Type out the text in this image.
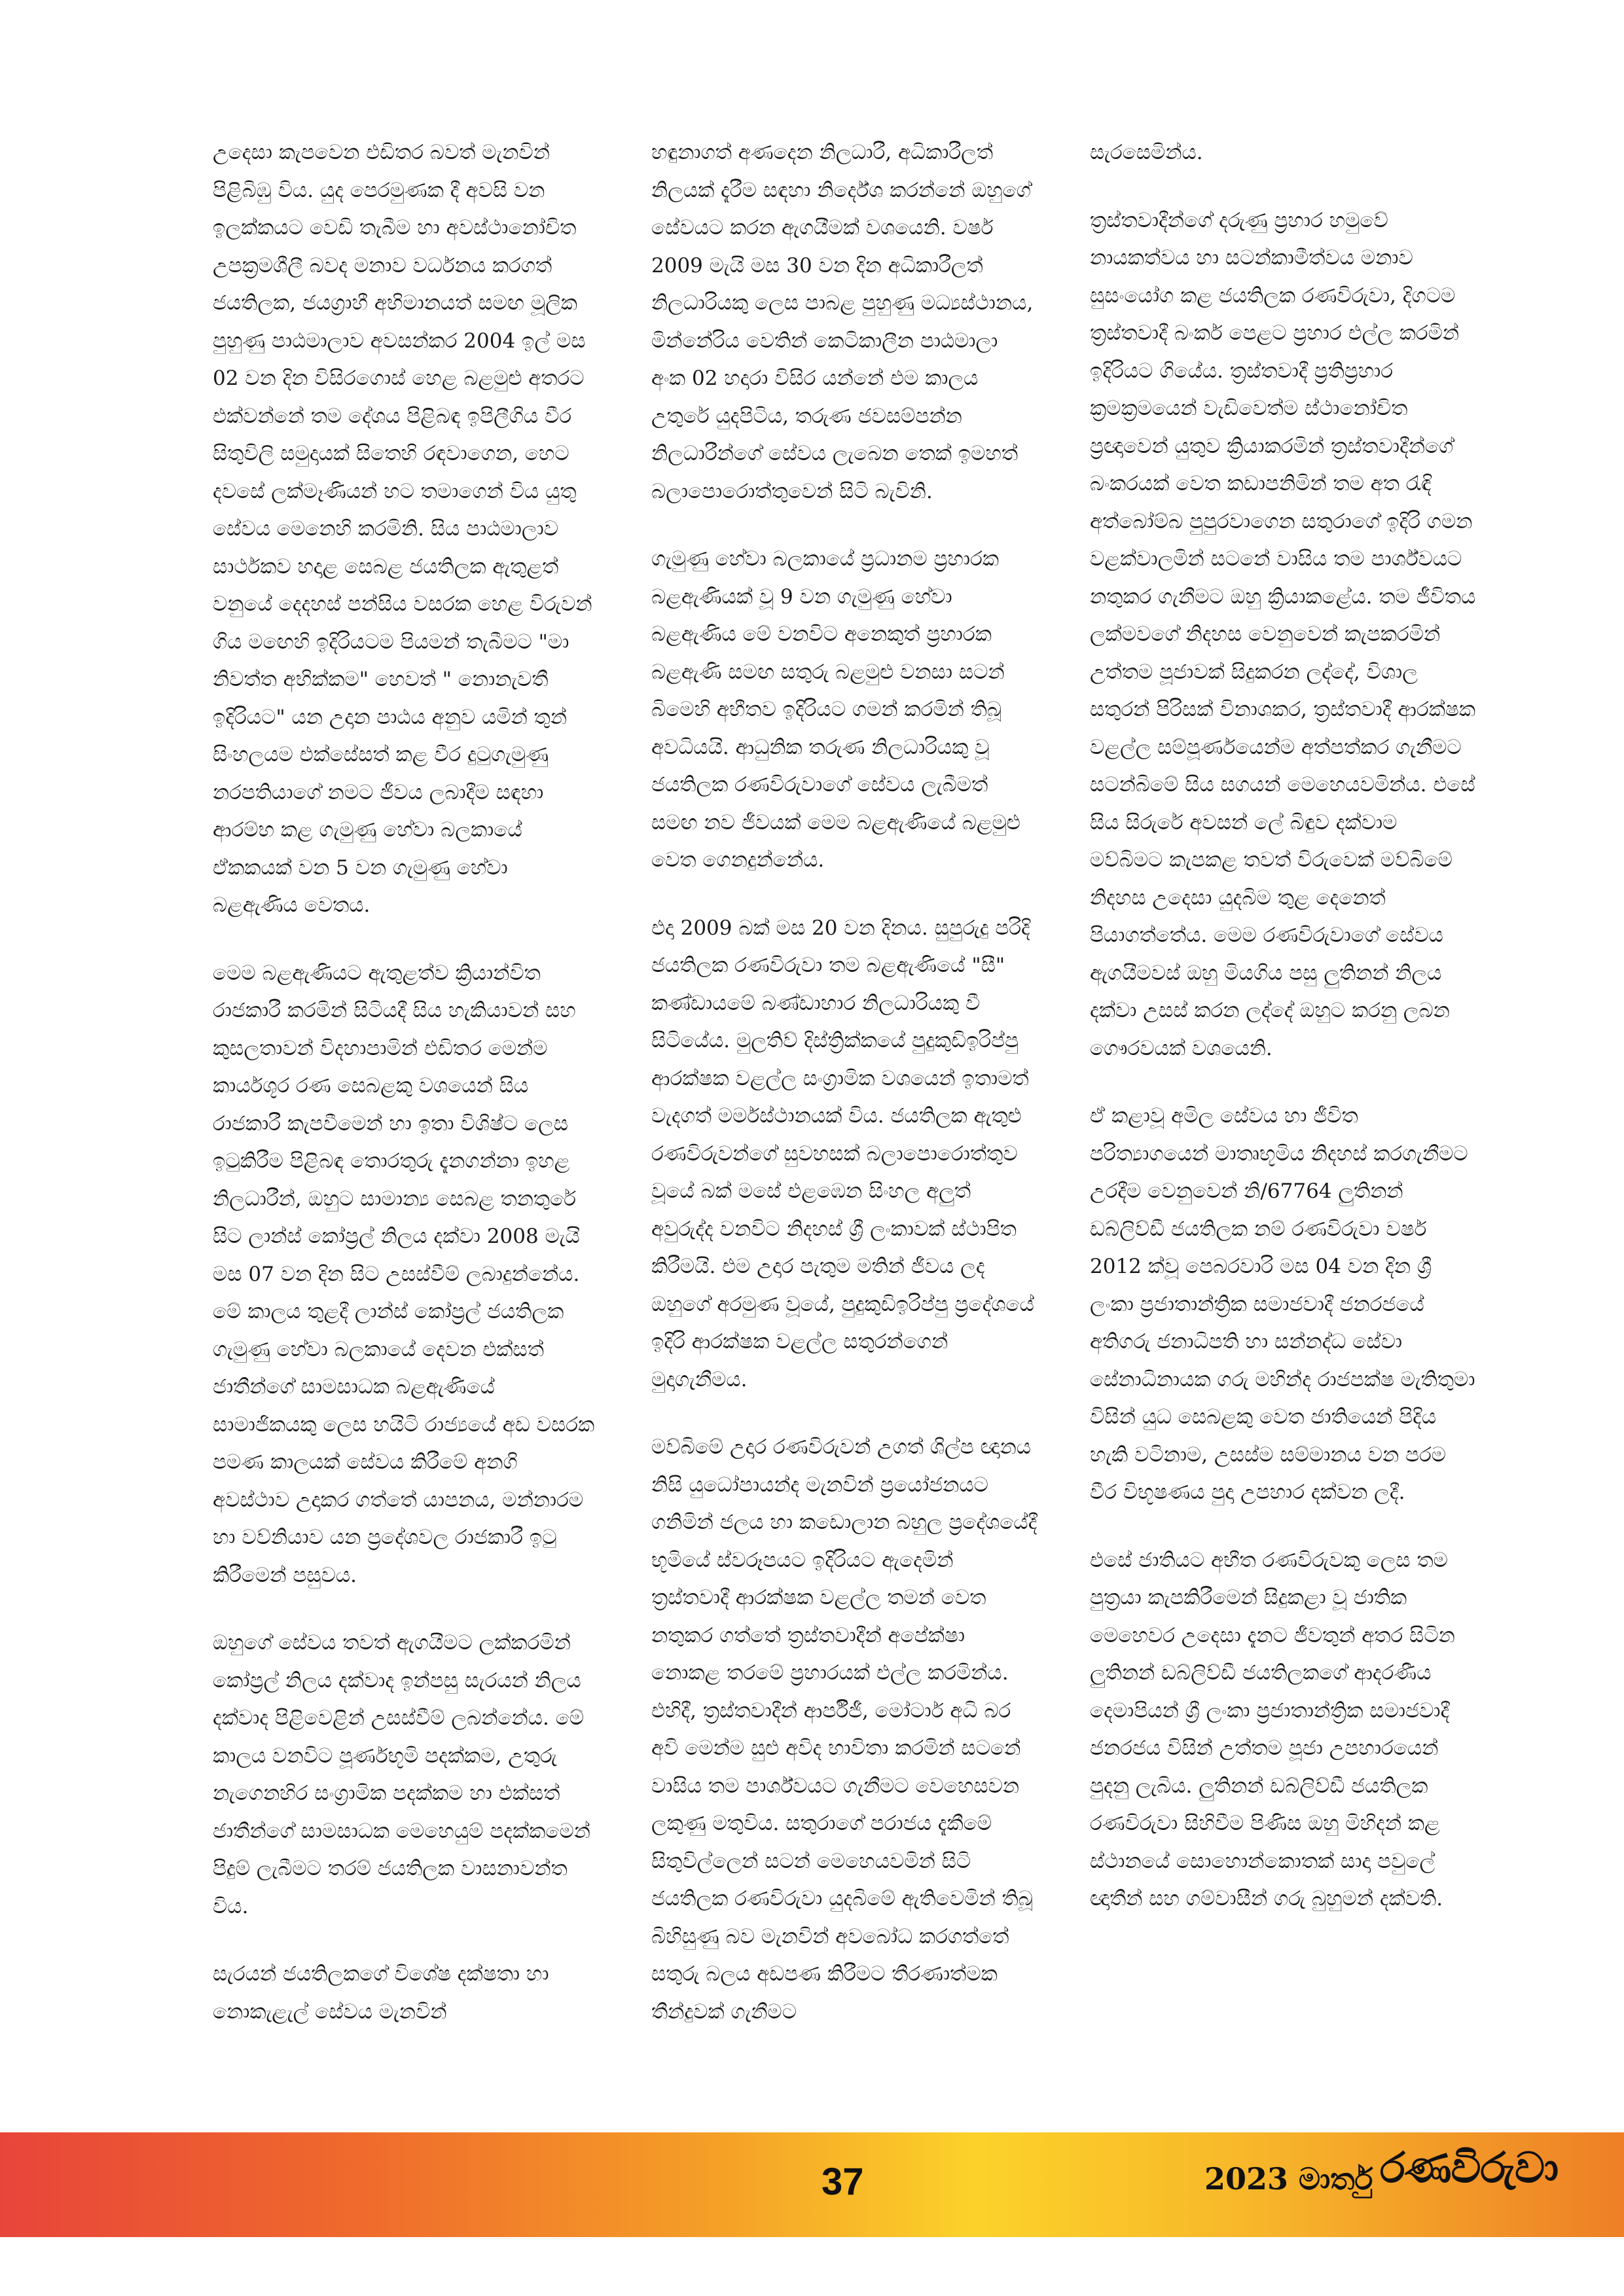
උදෙසා කැපවෙන එඩිතර බවත් මැනවින් පිළිබිඹු විය. යුද පෙරමුණක දී අවසි වන ඉලක්කයට වෙඩි තැබීම හා අවස්ථානෝචිත උපක්‍රමශීලී බවද මනාව වර්ධනය කරගත් ජයතිලක, ජයග්‍රාහී අභිමානයත් සමඟ මූලික පුහුණු පාඨමාලාව අවසන්කර 2004 ඉල් මස 02 වන දින විසිරගොස් හෙළ බළමුළු අතරට එක්වන්නේ තම දේශය පිළිබඳ ඉපිලීගිය වීර සිතුවිලි සමුදායක් සිතෙහි රඳවාගෙන, හෙට දවසේ ලක්මෑණියන් හට තමාගෙන් විය යුතු සේවය මෙනෙහි කරමිනි. සිය පාඨමාලාව සාර්ථකව හදාළ සෙබළ ජයතිලක ඇතුළත් වනුයේ දෙදහස් පන්සිය වසරක හෙළ විරුවන් ගිය මඟෙහි ඉදිරියටම පියමන් තැබීමට "මා නිවත්ත අභික්කම" හෙවත් " නොනැවතී ඉදිරියට" යන උදාන පාඨය අනුව යමින් තුන් සිංහලයම එක්සේසත් කළ වීර දුටුගැමුණු නරපතියාගේ නමට ජීවය ලබාදීම සඳහා ආරම්භ කළ ගැමුණු හේවා බලකායේ ඒකකයක් වන 5 වන ගැමුණු හේවා බළඇණිය වෙතය.

මෙම බළඇණියට ඇතුළත්ව ක්‍රියාන්විත රාජකාරී කරමින් සිටියදී සිය හැකියාවන් සහ කුසලතාවන් විදහාපාමින් එඩිතර මෙන්ම කාර්යශූර රණ සෙබළකු වශයෙන් සිය රාජකාරී කැපවීමෙන් හා ඉතා විශිෂ්ට ලෙස ඉටුකිරීම පිළිබඳ තොරතුරු දැනගන්නා ඉහළ නිලධාරීන්, ඔහුට සාමාන්‍ය සෙබළ තනතුරේ සිට ලාන්ස් කෝප්‍රල් නිලය දක්වා 2008 මැයි මස 07 වන දින සිට උසස්වීම් ලබාදුන්නේය. මේ කාලය තුළදී ලාන්ස් කෝප්‍රල් ජයතිලක ගැමුණු හේවා බලකායේ දෙවන එක්සත් ජාතීන්ගේ සාමසාධක බළඇණියේ සාමාජිකයකු ලෙස හයිටි රාජ්‍යයේ අඩ වසරක පමණ කාලයක් සේවය කිරීමේ අනගි අවස්ථාව උදාකර ගත්තේ යාපනය, මන්නාරම හා වව්නියාව යන ප්‍රදේශවල රාජකාරී ඉටු කිරීමෙන් පසුවය.

ඔහුගේ සේවය තවත් ඇගයීමට ලක්කරමින් කෝප්‍රල් නිලය දක්වාද ඉන්පසු සැරයන් නිලය දක්වාද පිළිවෙළින් උසස්වීම් ලබන්නේය. මේ කාලය වනවිට පූර්ණභූමි පදක්කම, උතුරු නැගෙනහිර සංග්‍රාමික පදක්කම හා එක්සත් ජාතීන්ගේ සාමසාධක මෙහෙයුම් පදක්කමෙන් පිදුම් ලැබීමට තරම් ජයතිලක වාසනාවන්ත විය.

සැරයන් ජයතිලකගේ විශේෂ දක්ෂතා හා නොකැළැල් සේවය මැනවින්

හඳුනාගත් අණදෙන නිලධාරී, අධිකාරීලත් නිලයක් දැරීම සඳහා නිර්දේශ කරන්නේ ඔහුගේ සේවයට කරන ඇගයීමක් වශයෙනි. වර්ෂ 2009 මැයි මස 30 වන දින අධිකාරීලත් නිලධාරියකු ලෙස පාබළ පුහුණු මධ්‍යස්ථානය, මින්නේරිය වෙතින් කෙටිකාලීන පාඨමාලා අංක 02 හදාරා විසිර යන්නේ එම කාලය උතුරේ යුදපිටිය, තරුණ ජවසම්පන්න නිලධාරීන්ගේ සේවය ලැබෙන තෙක් ඉමහත් බලාපොරොත්තුවෙන් සිටි බැවිනි.

ගැමුණු හේවා බලකායේ ප්‍රධානම ප්‍රහාරක බළඇණියක් වූ 9 වන ගැමුණු හේවා බළඇණිය මේ වනවිට අනෙකුත් ප්‍රහාරක බළඇණි සමඟ සතුරු බළමුළු වනසා සටන් බිමෙහි අභීතව ඉදිරියට ගමන් කරමින් තිබූ අවධියයි. ආධුනික තරුණ නිලධාරියකු වූ ජයතිලක රණවිරුවාගේ සේවය ලැබීමත් සමඟ නව ජීවයක් මෙම බළඇණියේ බළමුළු වෙත ගෙනදුන්නේය.

එදා 2009 බක් මස 20 වන දිනය. සුපුරුදු පරිදි ජයතිලක රණවිරුවා තම බළඇණියේ "සී" කණ්ඩායමේ බණ්ඩාහාර නිලධාරියකු වී සිටියේය. මුලතිව් දිස්ත්‍රික්කයේ පුදුකුඩිඉරිප්පු ආරක්ෂක වළල්ල සංග්‍රාමික වශයෙන් ඉතාමත් වැදගත් මර්මස්ථානයක් විය. ජයතිලක ඇතුළු රණවිරුවන්ගේ සුවහසක් බලාපොරොත්තුව වූයේ බක් මසේ එළඹෙන සිංහල අලුත් අවුරුද්ද වනවිට නිදහස් ශ්‍රී ලංකාවක් ස්ථාපිත කිරීමයි. එම උදාර පැතුම මතින් ජීවය ලද ඔහුගේ අරමුණ වූයේ, පුදුකුඩිඉරිප්පු ප්‍රදේශයේ ඉදිරි ආරක්ෂක වළල්ල සතුරන්ගෙන් මුදාගැනීමය.

මව්බිමේ උදාර රණවිරුවන් උගත් ශිල්ප ඥානය නිසි යුධෝපායන්ද මැනවින් ප්‍රයෝජනයට ගනිමින් ජලය හා කඩොලාන බහුල ප්‍රදේශයේදී භූමියේ ස්වරූපයට ඉදිරියට ඇදෙමින් ත්‍රස්තවාදී ආරක්ෂක වළල්ල තමන් වෙත නතුකර ගත්තේ ත්‍රස්තවාදීන් අපේක්ෂා නොකළ තරමේ ප්‍රහාරයක් එල්ල කරමින්ය. එහිදී, ත්‍රස්තවාදීන් ආර්පීජී, මෝටාර් අධි බර අවි මෙන්ම සුළු අවිද භාවිතා කරමින් සටනේ වාසිය තම පාර්ශ්වයට ගැනීමට වෙහෙසවන ලකුණු මතුවිය. සතුරාගේ පරාජය දැකීමේ සිතුවිල්ලෙන් සටන් මෙහෙයවමින් සිටි ජයතිලක රණවිරුවා යුදබිමේ ඇතිවෙමින් තිබූ බිහිසුණු බව මැනවින් අවබෝධ කරගත්තේ සතුරු බලය අඩපණ කිරීමට තීරණාත්මක තීන්දුවක් ගැනීමට

සැරසෙමින්ය.

ත්‍රස්තවාදීන්ගේ දරුණු ප්‍රහාර හමුවේ නායකත්වය හා සටන්කාමීත්වය මනාව සුසංයෝග කළ ජයතිලක රණවිරුවා, දිගටම ත්‍රස්තවාදී බංකර් පෙළට ප්‍රහාර එල්ල කරමින් ඉදිරියට ගියේය. ත්‍රස්තවාදී ප්‍රතිප්‍රහාර ක්‍රමක්‍රමයෙන් වැඩිවෙත්ම ස්ථානෝචිත ප්‍රඥාවෙන් යුතුව ක්‍රියාකරමින් ත්‍රස්තවාදීන්ගේ බංකරයක් වෙත කඩාපනිමින් තම අත රැඳි අත්බෝම්බ පුපුරවාගෙන සතුරාගේ ඉදිරි ගමන වළක්වාලමින් සටනේ වාසිය තම පාර්ශ්වයට නතුකර ගැනීමට ඔහු ක්‍රියාකළේය. තම ජීවිතය ලක්මවගේ නිදහස වෙනුවෙන් කැපකරමින් උත්තම පූජාවක් සිදුකරන ලද්දේ, විශාල සතුරන් පිරිසක් විනාශකර, ත්‍රස්තවාදී ආරක්ෂක වළල්ල සම්පූර්ණයෙන්ම අත්පත්කර ගැනීමට සටන්බිමේ සිය සගයන් මෙහෙයවමින්ය. එසේ සිය සිරුරේ අවසන් ලේ බිඳුව දක්වාම මව්බිමට කැපකළ තවත් විරුවෙක් මව්බිමේ නිදහස උදෙසා යුදබිම තුළ දෙනෙත් පියාගත්තේය. මෙම රණවිරුවාගේ සේවය ඇගයීමවස් ඔහු මියගිය පසු ලුතිනන් නිලය දක්වා උසස් කරන ලද්දේ ඔහුට කරනු ලබන ගෞරවයක් වශයෙනි.

ඒ කළාවූ අමිල සේවය හා ජීවිත පරිත්‍යාගයෙන් මාතෘභූමිය නිදහස් කරගැනීමට උරදීම වෙනුවෙන් නි/67764 ලුතිනන් ඩබ්ලිව්ඩී ජයතිලක නම් රණවිරුවා වර්ෂ 2012 ක්වූ පෙබරවාරි මස 04 වන දින ශ්‍රී ලංකා ප්‍රජාතාන්ත්‍රික සමාජවාදී ජනරජයේ අතිගරු ජනාධිපති හා සන්නද්ධ සේවා සේනාධිනායක ගරු මහින්ද රාජපක්ෂ මැතිතුමා විසින් යුධ සෙබළකු වෙත ජාතියෙන් පිදිය හැකි වටිනාම, උසස්ම සම්මානය වන පරම වීර විභූෂණය පුදා උපහාර දක්වන ලදී.

එසේ ජාතියට අභීත රණවිරුවකු ලෙස තම පුත්‍රයා කැපකිරීමෙන් සිදුකළා වූ ජාතික මෙහෙවර උදෙසා දැනට ජීවතුන් අතර සිටින ලුතිනන් ඩබ්ලිව්ඩී ජයතිලකගේ ආදරණීය දෙමාපියන් ශ්‍රී ලංකා ප්‍රජාතාන්ත්‍රික සමාජවාදී ජනරජය විසින් උත්තම පූජා උපහාරයෙන් පුදනු ලැබිය. ලුතිනන් ඩබ්ලිව්ඩී ජයතිලක රණවිරුවා සිහිවීම පිණිස ඔහු මිහිදන් කළ ස්ථානයේ සොහොන්කොතක් සාදා පවුලේ ඥාතීන් සහ ගම්වාසීන් ගරු බුහුමන් දක්වති.

37	2023 මාර්තු රණවිරුවා
